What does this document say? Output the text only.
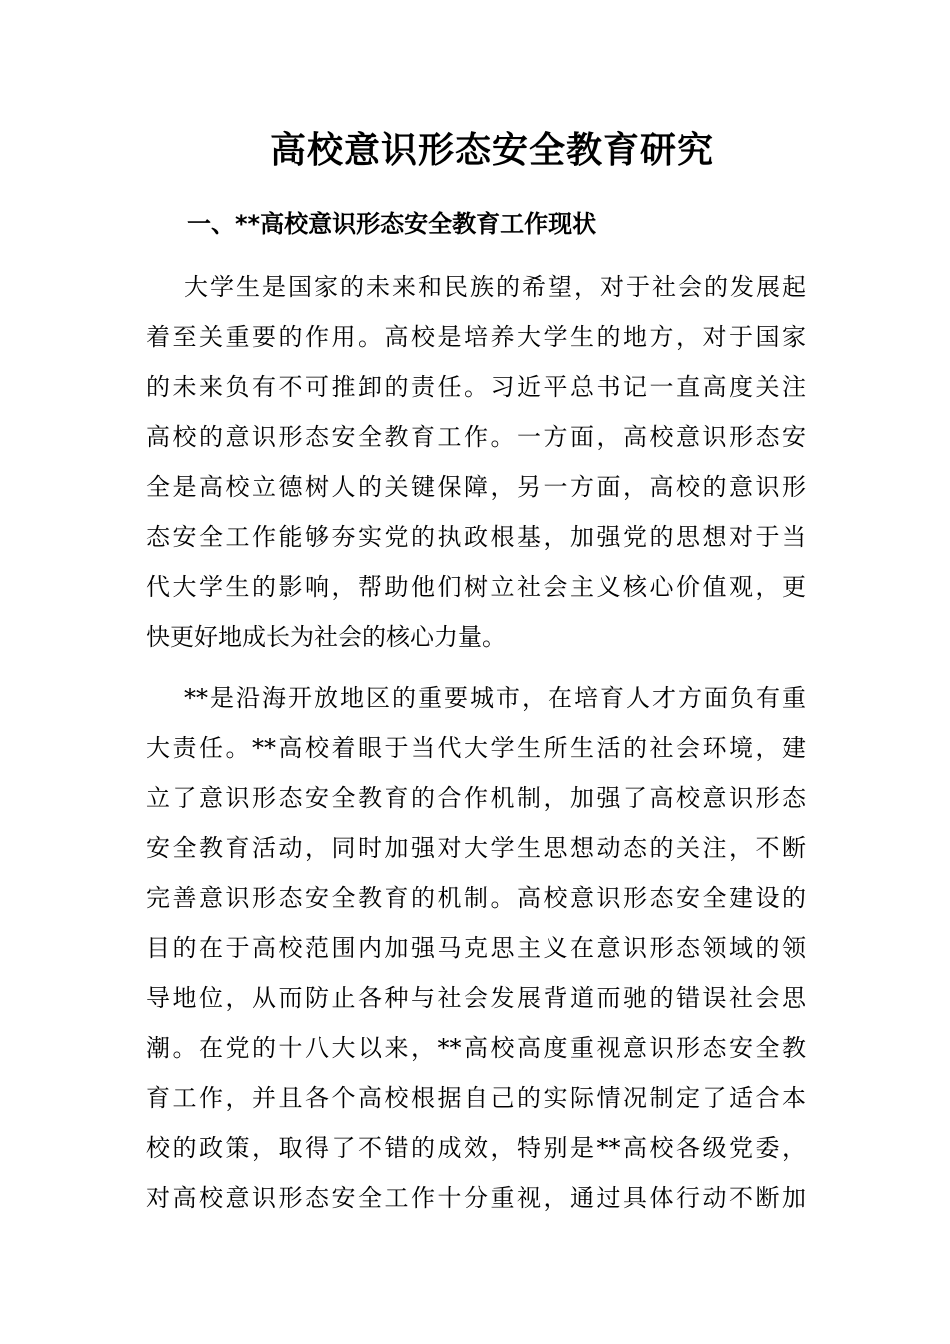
高校意识形态安全教育研究
一、**高校意识形态安全教育工作现状
大学生是国家的未来和民族的希望，对于社会的发展起
着至关重要的作用。高校是培养大学生的地方，对于国家
的未来负有不可推卸的责任。习近平总书记一直高度关注
高校的意识形态安全教育工作。一方面，高校意识形态安
全是高校立德树人的关键保障，另一方面，高校的意识形
态安全工作能够夯实党的执政根基，加强党的思想对于当
代大学生的影响，帮助他们树立社会主义核心价值观，更
快更好地成长为社会的核心力量。
**是沿海开放地区的重要城市，在培育人才方面负有重
大责任。**高校着眼于当代大学生所生活的社会环境，建
立了意识形态安全教育的合作机制，加强了高校意识形态
安全教育活动，同时加强对大学生思想动态的关注，不断
完善意识形态安全教育的机制。高校意识形态安全建设的
目的在于高校范围内加强马克思主义在意识形态领域的领
导地位，从而防止各种与社会发展背道而驰的错误社会思
潮。在党的十八大以来，**高校高度重视意识形态安全教
育工作，并且各个高校根据自己的实际情况制定了适合本
校的政策，取得了不错的成效，特别是**高校各级党委，
对高校意识形态安全工作十分重视，通过具体行动不断加
